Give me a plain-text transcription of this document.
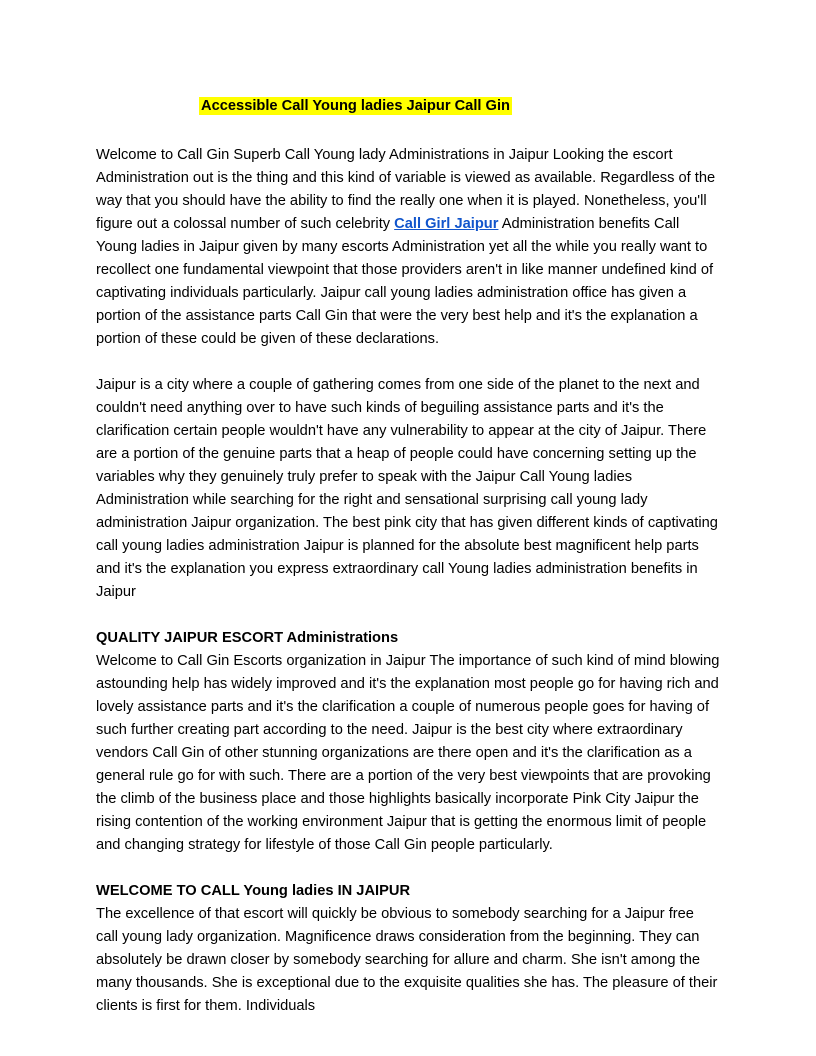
Accessible Call Young ladies Jaipur Call Gin

Welcome to Call Gin Superb Call Young lady Administrations in Jaipur Looking the escort Administration out is the thing and this kind of variable is viewed as available. Regardless of the way that you should have the ability to find the really one when it is played. Nonetheless, you'll figure out a colossal number of such celebrity Call Girl Jaipur Administration benefits Call Young ladies in Jaipur given by many escorts Administration yet all the while you really want to recollect one fundamental viewpoint that those providers aren't in like manner undefined kind of captivating individuals particularly. Jaipur call young ladies administration office has given a portion of the assistance parts Call Gin that were the very best help and it's the explanation a portion of these could be given of these declarations.

Jaipur is a city where a couple of gathering comes from one side of the planet to the next and couldn't need anything over to have such kinds of beguiling assistance parts and it's the clarification certain people wouldn't have any vulnerability to appear at the city of Jaipur. There are a portion of the genuine parts that a heap of people could have concerning setting up the variables why they genuinely truly prefer to speak with the Jaipur Call Young ladies Administration while searching for the right and sensational surprising call young lady administration Jaipur organization. The best pink city that has given different kinds of captivating call young ladies administration Jaipur is planned for the absolute best magnificent help parts and it's the explanation you express extraordinary call Young ladies administration benefits in Jaipur

QUALITY JAIPUR ESCORT Administrations

Welcome to Call Gin Escorts organization in Jaipur The importance of such kind of mind blowing astounding help has widely improved and it's the explanation most people go for having rich and lovely assistance parts and it's the clarification a couple of numerous people goes for having of such further creating part according to the need. Jaipur is the best city where extraordinary vendors Call Gin of other stunning organizations are there open and it's the clarification as a general rule go for with such. There are a portion of the very best viewpoints that are provoking the climb of the business place and those highlights basically incorporate Pink City Jaipur the rising contention of the working environment Jaipur that is getting the enormous limit of people and changing strategy for lifestyle of those Call Gin people particularly.

WELCOME TO CALL Young ladies IN JAIPUR

The excellence of that escort will quickly be obvious to somebody searching for a Jaipur free call young lady organization. Magnificence draws consideration from the beginning. They can absolutely be drawn closer by somebody searching for allure and charm. She isn't among the many thousands. She is exceptional due to the exquisite qualities she has. The pleasure of their clients is first for them. Individuals
